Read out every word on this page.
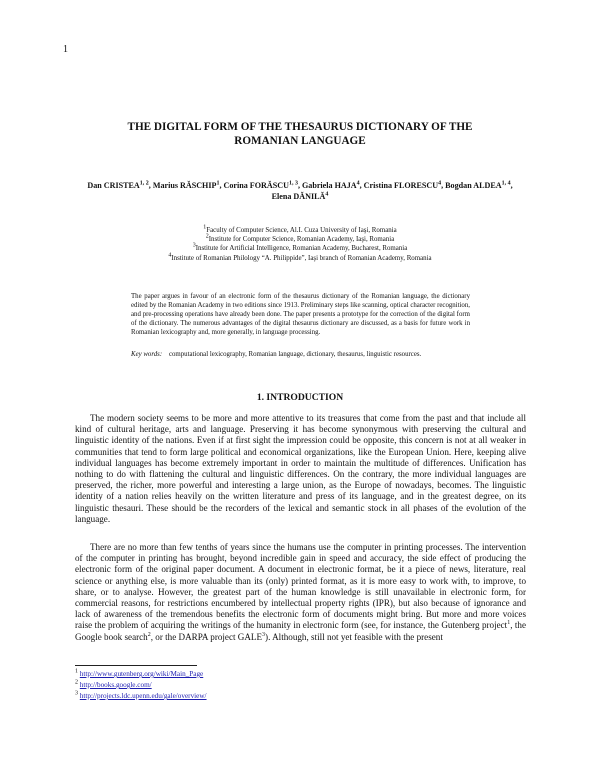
1
THE DIGITAL FORM OF THE THESAURUS DICTIONARY OF THE
ROMANIAN LANGUAGE
Dan CRISTEA$^{1, 2}$, Marius RĂSCHIP$^1$, Corina FORĂSCU$^{1, 3}$, Gabriela HAJA$^4$, Cristina FLORESCU$^4$, Bogdan ALDEA$^{1, 4}$,
Elena DĂNILĂ$^4$
$^1$Faculty of Computer Science, Al.I. Cuza University of Iaşi, Romania
$^2$Institute for Computer Science, Romanian Academy, Iaşi, Romania
$^3$Institute for Artificial Intelligence, Romanian Academy, Bucharest, Romania
$^4$Institute of Romanian Philology “A. Philippide”, Iaşi branch of Romanian Academy, Romania
The paper argues in favour of an electronic form of the thesaurus dictionary of the Romanian language, the dictionary edited by the Romanian Academy in two editions since 1913. Preliminary steps like scanning, optical character recognition, and pre-processing operations have already been done. The paper presents a prototype for the correction of the digital form of the dictionary. The numerous advantages of the digital thesaurus dictionary are discussed, as a basis for future work in Romanian lexicography and, more generally, in language processing.
Key words: computational lexicography, Romanian language, dictionary, thesaurus, linguistic resources.
1. INTRODUCTION
The modern society seems to be more and more attentive to its treasures that come from the past and that include all kind of cultural heritage, arts and language. Preserving it has become synonymous with preserving the cultural and linguistic identity of the nations. Even if at first sight the impression could be opposite, this concern is not at all weaker in communities that tend to form large political and economical organizations, like the European Union. Here, keeping alive individual languages has become extremely important in order to maintain the multitude of differences. Unification has nothing to do with flattening the cultural and linguistic differences. On the contrary, the more individual languages are preserved, the richer, more powerful and interesting a large union, as the Europe of nowadays, becomes. The linguistic identity of a nation relies heavily on the written literature and press of its language, and in the greatest degree, on its linguistic thesauri. These should be the recorders of the lexical and semantic stock in all phases of the evolution of the language.
There are no more than few tenths of years since the humans use the computer in printing processes. The intervention of the computer in printing has brought, beyond incredible gain in speed and accuracy, the side effect of producing the electronic form of the original paper document. A document in electronic format, be it a piece of news, literature, real science or anything else, is more valuable than its (only) printed format, as it is more easy to work with, to improve, to share, or to analyse. However, the greatest part of the human knowledge is still unavailable in electronic form, for commercial reasons, for restrictions encumbered by intellectual property rights (IPR), but also because of ignorance and lack of awareness of the tremendous benefits the electronic form of documents might bring. But more and more voices raise the problem of acquiring the writings of the humanity in electronic form (see, for instance, the Gutenberg project$^1$, the Google book search$^2$, or the DARPA project GALE$^3$). Although, still not yet feasible with the present
$^1$ http://www.gutenberg.org/wiki/Main_Page
$^2$ http://books.google.com/
$^3$ http://projects.ldc.upenn.edu/gale/overview/
